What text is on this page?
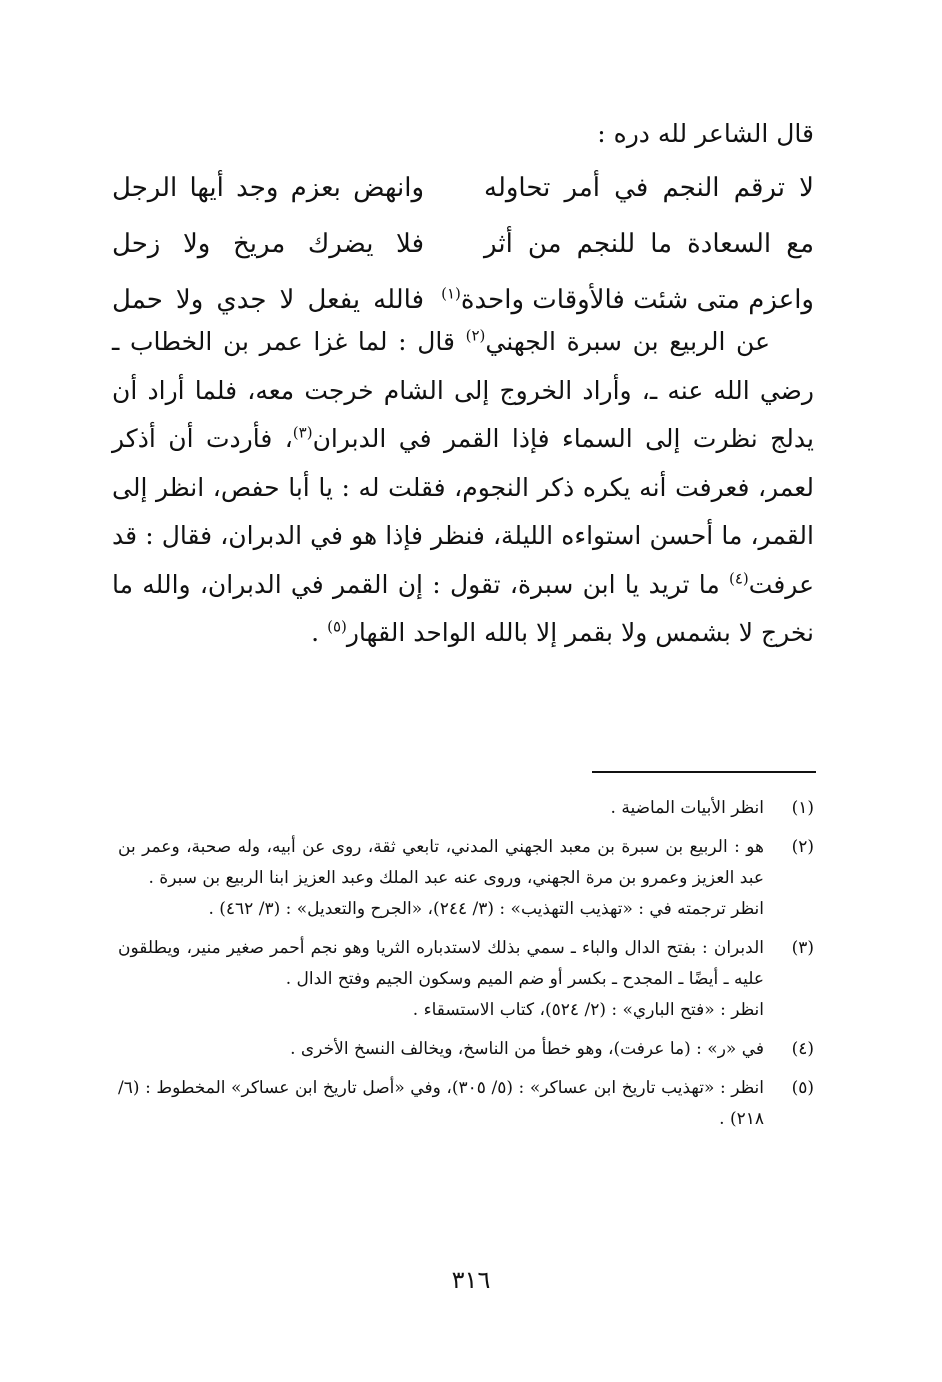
قال الشاعر لله دره :
لا ترقم النجم في أمر تحاوله
وانهض بعزم وجد أيها الرجل
مع السعادة ما للنجم من أثر
فلا يضرك مريخ ولا زحل
واعزم متى شئت فالأوقات واحدة$^{(١)}$
فالله يفعل لا جدي ولا حمل

عن الربيع بن سبرة الجهني$^{(٢)}$ قال : لما غزا عمر بن الخطاب ـ رضي الله عنه ـ، وأراد الخروج إلى الشام خرجت معه، فلما أراد أن يدلج نظرت إلى السماء فإذا القمر في الدبران$^{(٣)}$، فأردت أن أذكر لعمر، فعرفت أنه يكره ذكر النجوم، فقلت له : يا أبا حفص، انظر إلى القمر، ما أحسن استواءه الليلة، فنظر فإذا هو في الدبران، فقال : قد عرفت$^{(٤)}$ ما تريد يا ابن سبرة، تقول : إن القمر في الدبران، والله ما نخرج لا بشمس ولا بقمر إلا بالله الواحد القهار$^{(٥)}$ .

(١)
انظر الأبيات الماضية .
(٢)
هو : الربيع بن سبرة بن معبد الجهني المدني، تابعي ثقة، روى عن أبيه، وله صحبة، وعمر بن عبد العزيز وعمرو بن مرة الجهني، وروى عنه عبد الملك وعبد العزيز ابنا الربيع بن سبرة .
انظر ترجمته في : «تهذيب التهذيب» : (٣/ ٢٤٤)، «الجرح والتعديل» : (٣/ ٤٦٢) .
(٣)
الدبران : بفتح الدال والباء ـ سمي بذلك لاستدباره الثريا وهو نجم أحمر صغير منير، ويطلقون عليه ـ أيضًا ـ المجدح ـ بكسر أو ضم الميم وسكون الجيم وفتح الدال .
انظر : «فتح الباري» : (٢/ ٥٢٤)، كتاب الاستسقاء .
(٤)
في «ر» : (ما عرفت)، وهو خطأ من الناسخ، ويخالف النسخ الأخرى .
(٥)
انظر : «تهذيب تاريخ ابن عساكر» : (٥/ ٣٠٥)، وفي «أصل تاريخ ابن عساكر» المخطوط : (٦/ ٢١٨) .
٣١٦
